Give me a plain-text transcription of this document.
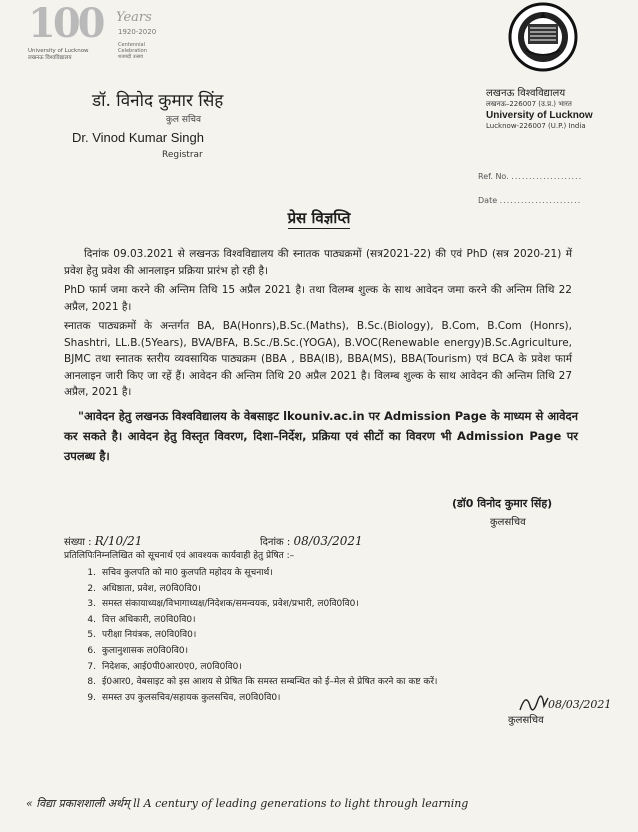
100	Years
1920-2020
Centennial Celebration
शताब्दी उत्सव
University of Lucknow
लखनऊ विश्वविद्यालय
डॉ. विनोद कुमार सिंह
कुल सचिव
Dr. Vinod Kumar Singh
Registrar
लखनऊ विश्वविद्यालय
लखनऊ–226007 (उ.प्र.) भारत
University of Lucknow
Lucknow-226007 (U.P.) India
Ref. No. ....................
Date .......................
प्रेस विज्ञप्ति
दिनांक 09.03.2021 से लखनऊ विश्वविद्यालय की स्नातक पाठ्यक्रमों (सत्र2021-22) की एवं PhD (सत्र 2020-21) में प्रवेश हेतु प्रवेश की आनलाइन प्रक्रिया प्रारंभ हो रही है।
PhD फार्म जमा करने की अन्तिम तिथि 15 अप्रैल 2021 है। तथा विलम्ब शुल्क के साथ आवेदन जमा करने की अन्तिम तिथि 22 अप्रैल, 2021 है।
स्नातक पाठ्यक्रमों के अन्तर्गत BA, BA(Honrs),B.Sc.(Maths), B.Sc.(Biology), B.Com, B.Com (Honrs), Shashtri, LL.B.(5Years), BVA/BFA, B.Sc./B.Sc.(YOGA), B.VOC(Renewable energy)B.Sc.Agriculture, BJMC तथा स्नातक स्तरीय व्यवसायिक पाठ्यक्रम (BBA , BBA(IB), BBA(MS), BBA(Tourism) एवं BCA के प्रवेश फार्म आनलाइन जारी किए जा रहें हैं। आवेदन की अन्तिम तिथि 20 अप्रैल 2021 है। विलम्ब शुल्क के साथ आवेदन की अन्तिम तिथि 27 अप्रैल, 2021 है।
"आवेदन हेतु लखनऊ विश्वविद्यालय के वेबसाइट lkouniv.ac.in पर Admission Page के माध्यम से आवेदन कर सकते है। आवेदन हेतु विस्तृत विवरण, दिशा–निर्देश, प्रक्रिया एवं सीटों का विवरण भी Admission Page पर उपलब्ध है।
(डॉ0 विनोद कुमार सिंह)
कुलसचिव
संख्या : R/10/21	दिनांक : 08/03/2021
प्रतिलिपिःनिम्नलिखित को सूचनार्थ एवं आवश्यक कार्यवाही हेतु प्रेषित :–
1. सचिव कुलपति को मा0 कुलपति महोदय के सूचनार्थ।
2. अधिष्ठाता, प्रवेश, ल0वि0वि0।
3. समस्त संकायाध्यक्ष/विभागाध्यक्ष/निदेशक/समन्वयक, प्रवेश/प्रभारी, ल0वि0वि0।
4. वित्त अधिकारी, ल0वि0वि0।
5. परीक्षा नियंत्रक, ल0वि0वि0।
6. कुलानुशासक ल0वि0वि0।
7. निदेशक, आई0पी0आर0ए0, ल0वि0वि0।
8. ई0आर0, वेबसाइट को इस आशय से प्रेषित कि समस्त सम्बन्धित को ई–मेल से प्रेषित करने का कष्ट करें।
9. समस्त उप कुलसचिव/सहायक कुलसचिव, ल0वि0वि0।
08/03/2021
कुलसचिव
« विद्या प्रकाशशाली अर्थम् ll A century of leading generations to light through learning
